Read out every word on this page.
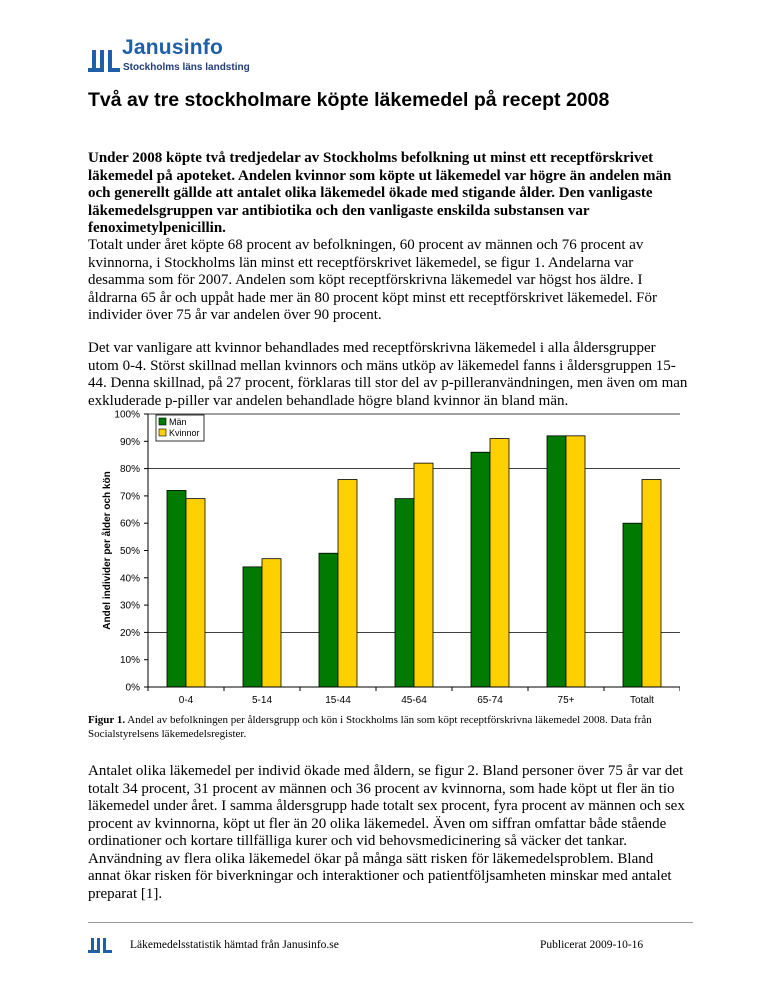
Janusinfo
Stockholms läns landsting
Två av tre stockholmare köpte läkemedel på recept 2008

Under 2008 köpte två tredjedelar av Stockholms befolkning ut minst ett receptförskrivet läkemedel på apoteket. Andelen kvinnor som köpte ut läkemedel var högre än andelen män och generellt gällde att antalet olika läkemedel ökade med stigande ålder. Den vanligaste läkemedelsgruppen var antibiotika och den vanligaste enskilda substansen var fenoximetylpenicillin.

Totalt under året köpte 68 procent av befolkningen, 60 procent av männen och 76 procent av kvinnorna, i Stockholms län minst ett receptförskrivet läkemedel, se figur 1. Andelarna var desamma som för 2007. Andelen som köpt receptförskrivna läkemedel var högst hos äldre. I åldrarna 65 år och uppåt hade mer än 80 procent köpt minst ett receptförskrivet läkemedel. För individer över 75 år var andelen över 90 procent.

Det var vanligare att kvinnor behandlades med receptförskrivna läkemedel i alla åldersgrupper utom 0-4. Störst skillnad mellan kvinnors och mäns utköp av läkemedel fanns i åldersgruppen 15-44. Denna skillnad, på 27 procent, förklaras till stor del av p-pilleranvändningen, men även om man exkluderade p-piller var andelen behandlade högre bland kvinnor än bland män.

0%
10%
20%
30%
40%
50%
60%
70%
80%
90%
100%
Andel individer per ålder och kön
0-4	5-14	15-44	45-64	65-74	75+	Totalt
Män
Kvinnor

Figur 1. Andel av befolkningen per åldersgrupp och kön i Stockholms län som köpt receptförskrivna läkemedel 2008. Data från Socialstyrelsens läkemedelsregister.

Antalet olika läkemedel per individ ökade med åldern, se figur 2. Bland personer över 75 år var det totalt 34 procent, 31 procent av männen och 36 procent av kvinnorna, som hade köpt ut fler än tio läkemedel under året. I samma åldersgrupp hade totalt sex procent, fyra procent av männen och sex procent av kvinnorna, köpt ut fler än 20 olika läkemedel. Även om siffran omfattar både stående ordinationer och kortare tillfälliga kurer och vid behovsmedicinering så väcker det tankar. Användning av flera olika läkemedel ökar på många sätt risken för läkemedelsproblem. Bland annat ökar risken för biverkningar och interaktioner och patientföljsamheten minskar med antalet preparat [1].

Läkemedelsstatistik hämtad från Janusinfo.se	Publicerat 2009-10-16
